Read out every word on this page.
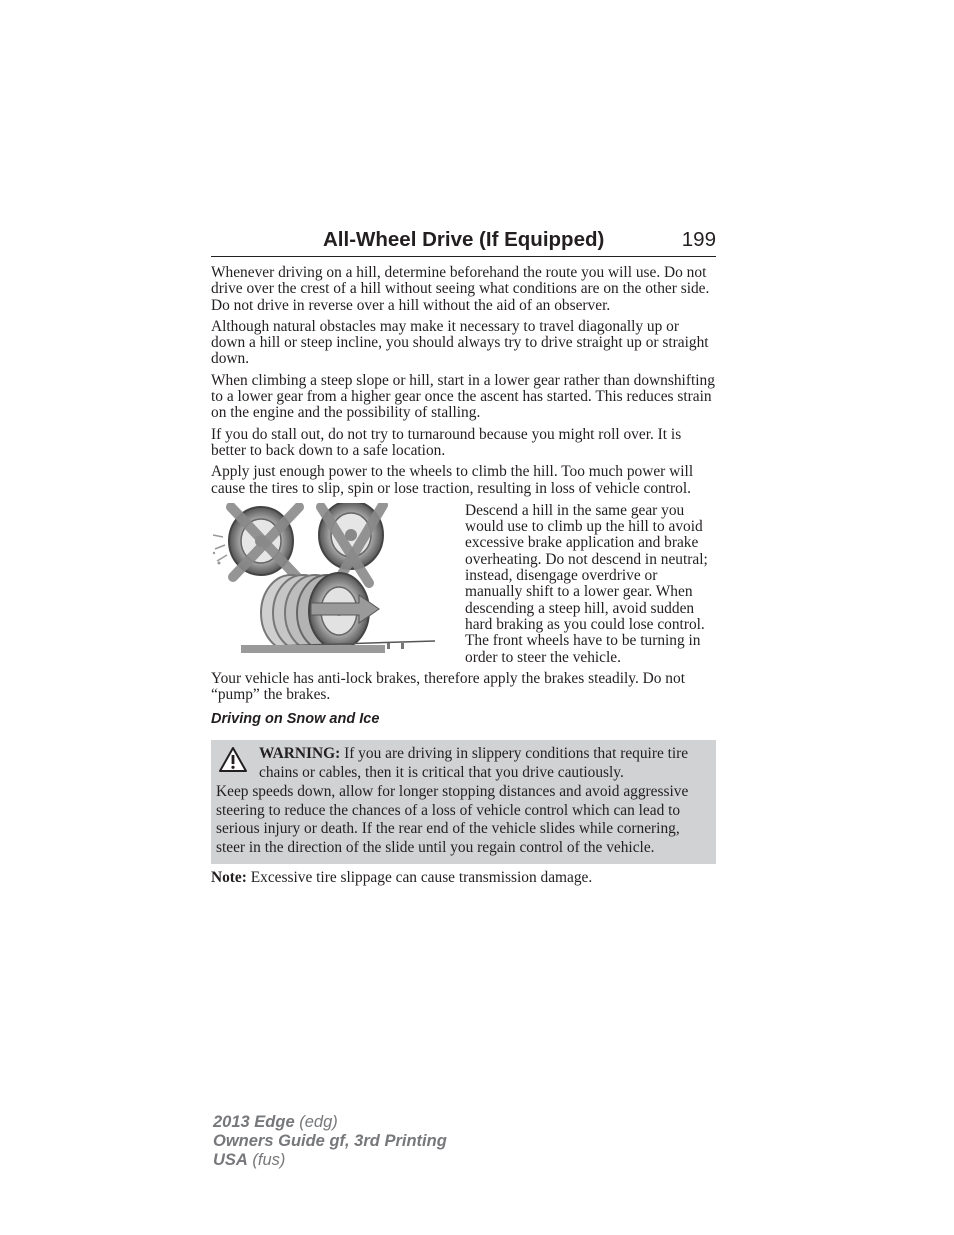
All-Wheel Drive (If Equipped)	199

Whenever driving on a hill, determine beforehand the route you will use. Do not drive over the crest of a hill without seeing what conditions are on the other side. Do not drive in reverse over a hill without the aid of an observer.

Although natural obstacles may make it necessary to travel diagonally up or down a hill or steep incline, you should always try to drive straight up or straight down.

When climbing a steep slope or hill, start in a lower gear rather than downshifting to a lower gear from a higher gear once the ascent has started. This reduces strain on the engine and the possibility of stalling.

If you do stall out, do not try to turnaround because you might roll over. It is better to back down to a safe location.

Apply just enough power to the wheels to climb the hill. Too much power will cause the tires to slip, spin or lose traction, resulting in loss of vehicle control.

Descend a hill in the same gear you would use to climb up the hill to avoid excessive brake application and brake overheating. Do not descend in neutral; instead, disengage overdrive or manually shift to a lower gear. When descending a steep hill, avoid sudden hard braking as you could lose control. The front wheels have to be turning in order to steer the vehicle.

Your vehicle has anti-lock brakes, therefore apply the brakes steadily. Do not “pump” the brakes.

Driving on Snow and Ice
WARNING: If you are driving in slippery conditions that require tire chains or cables, then it is critical that you drive cautiously.
Keep speeds down, allow for longer stopping distances and avoid aggressive steering to reduce the chances of a loss of vehicle control which can lead to serious injury or death. If the rear end of the vehicle slides while cornering, steer in the direction of the slide until you regain control of the vehicle.

Note: Excessive tire slippage can cause transmission damage.

2013 Edge (edg)
Owners Guide gf, 3rd Printing
USA (fus)
